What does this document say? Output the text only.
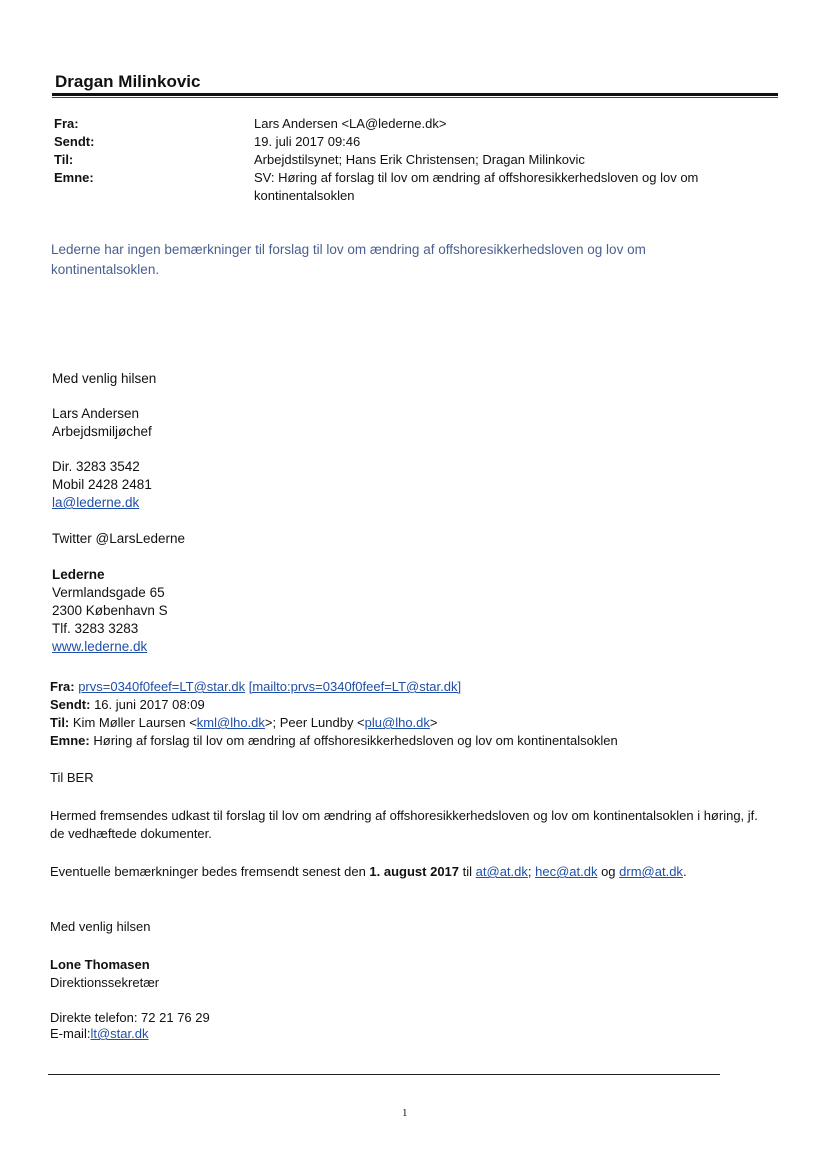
Dragan Milinkovic
Fra:	Lars Andersen <LA@lederne.dk>
Sendt:	19. juli 2017 09:46
Til:	Arbejdstilsynet; Hans Erik Christensen; Dragan Milinkovic
Emne:	SV: Høring af forslag til lov om ændring af offshoresikkerhedsloven og lov om kontinentalsoklen
Lederne har ingen bemærkninger til forslag til lov om ændring af offshoresikkerhedsloven og lov om kontinentalsoklen.
Med venlig hilsen
Lars Andersen
Arbejdsmiljøchef
Dir. 3283 3542
Mobil 2428 2481
la@lederne.dk
Twitter @LarsLederne
Lederne
Vermlandsgade 65
2300 København S
Tlf. 3283 3283
www.lederne.dk
Fra: prvs=0340f0feef=LT@star.dk [mailto:prvs=0340f0feef=LT@star.dk]
Sendt: 16. juni 2017 08:09
Til: Kim Møller Laursen <kml@lho.dk>; Peer Lundby <plu@lho.dk>
Emne: Høring af forslag til lov om ændring af offshoresikkerhedsloven og lov om kontinentalsoklen
Til BER
Hermed fremsendes udkast til forslag til lov om ændring af offshoresikkerhedsloven og lov om kontinentalsoklen i høring, jf. de vedhæftede dokumenter.
Eventuelle bemærkninger bedes fremsendt senest den 1. august 2017 til at@at.dk; hec@at.dk og drm@at.dk.
Med venlig hilsen
Lone Thomasen
Direktionssekretær
Direkte telefon: 72 21 76 29
E-mail:lt@star.dk
1
